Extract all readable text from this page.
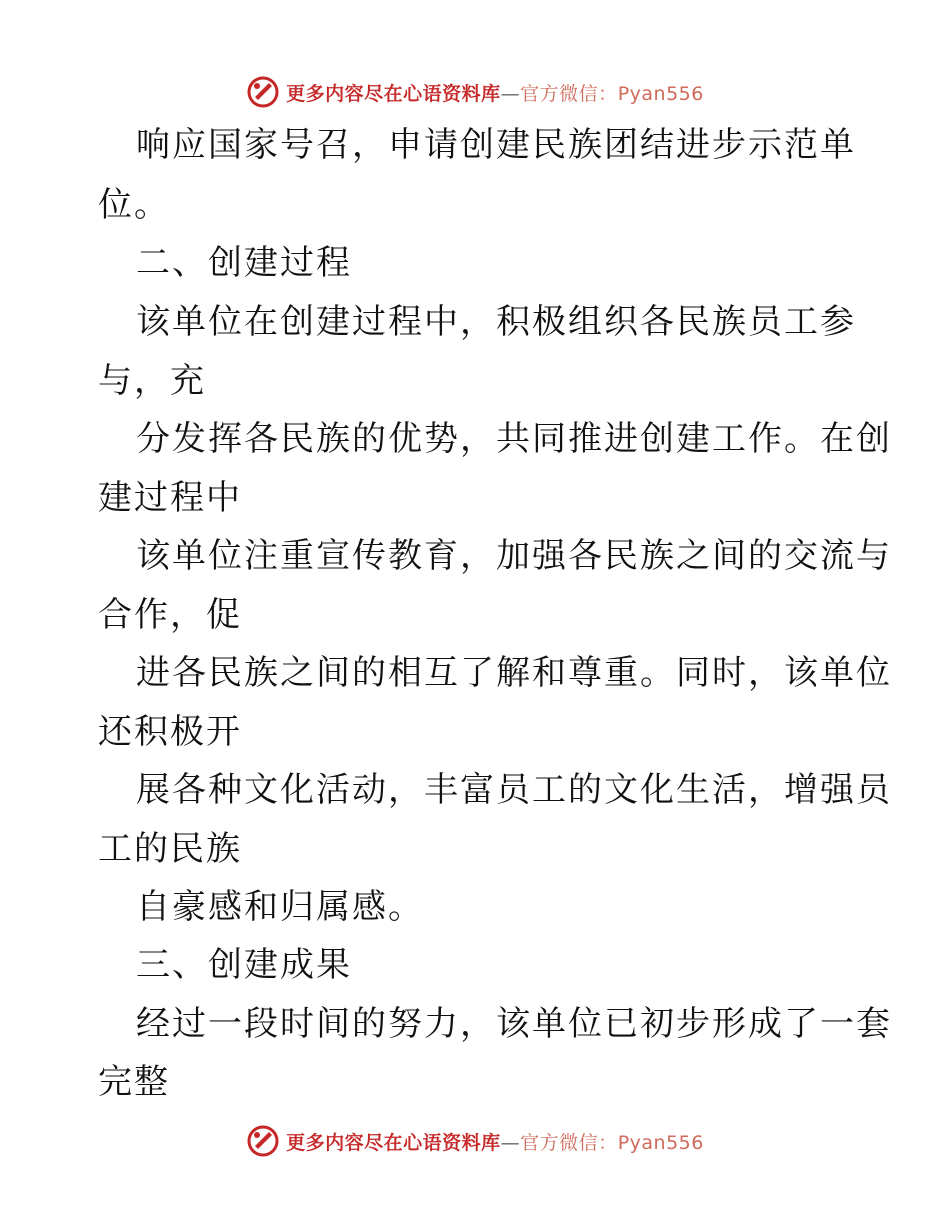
更多内容尽在心语资料库—官方微信：Pyan556
响应国家号召，申请创建民族团结进步示范单
位。
二、创建过程
该单位在创建过程中，积极组织各民族员工参
与，充
分发挥各民族的优势，共同推进创建工作。在创
建过程中
该单位注重宣传教育，加强各民族之间的交流与
合作，促
进各民族之间的相互了解和尊重。同时，该单位
还积极开
展各种文化活动，丰富员工的文化生活，增强员
工的民族
自豪感和归属感。
三、创建成果
经过一段时间的努力，该单位已初步形成了一套
完整
更多内容尽在心语资料库—官方微信：Pyan556
